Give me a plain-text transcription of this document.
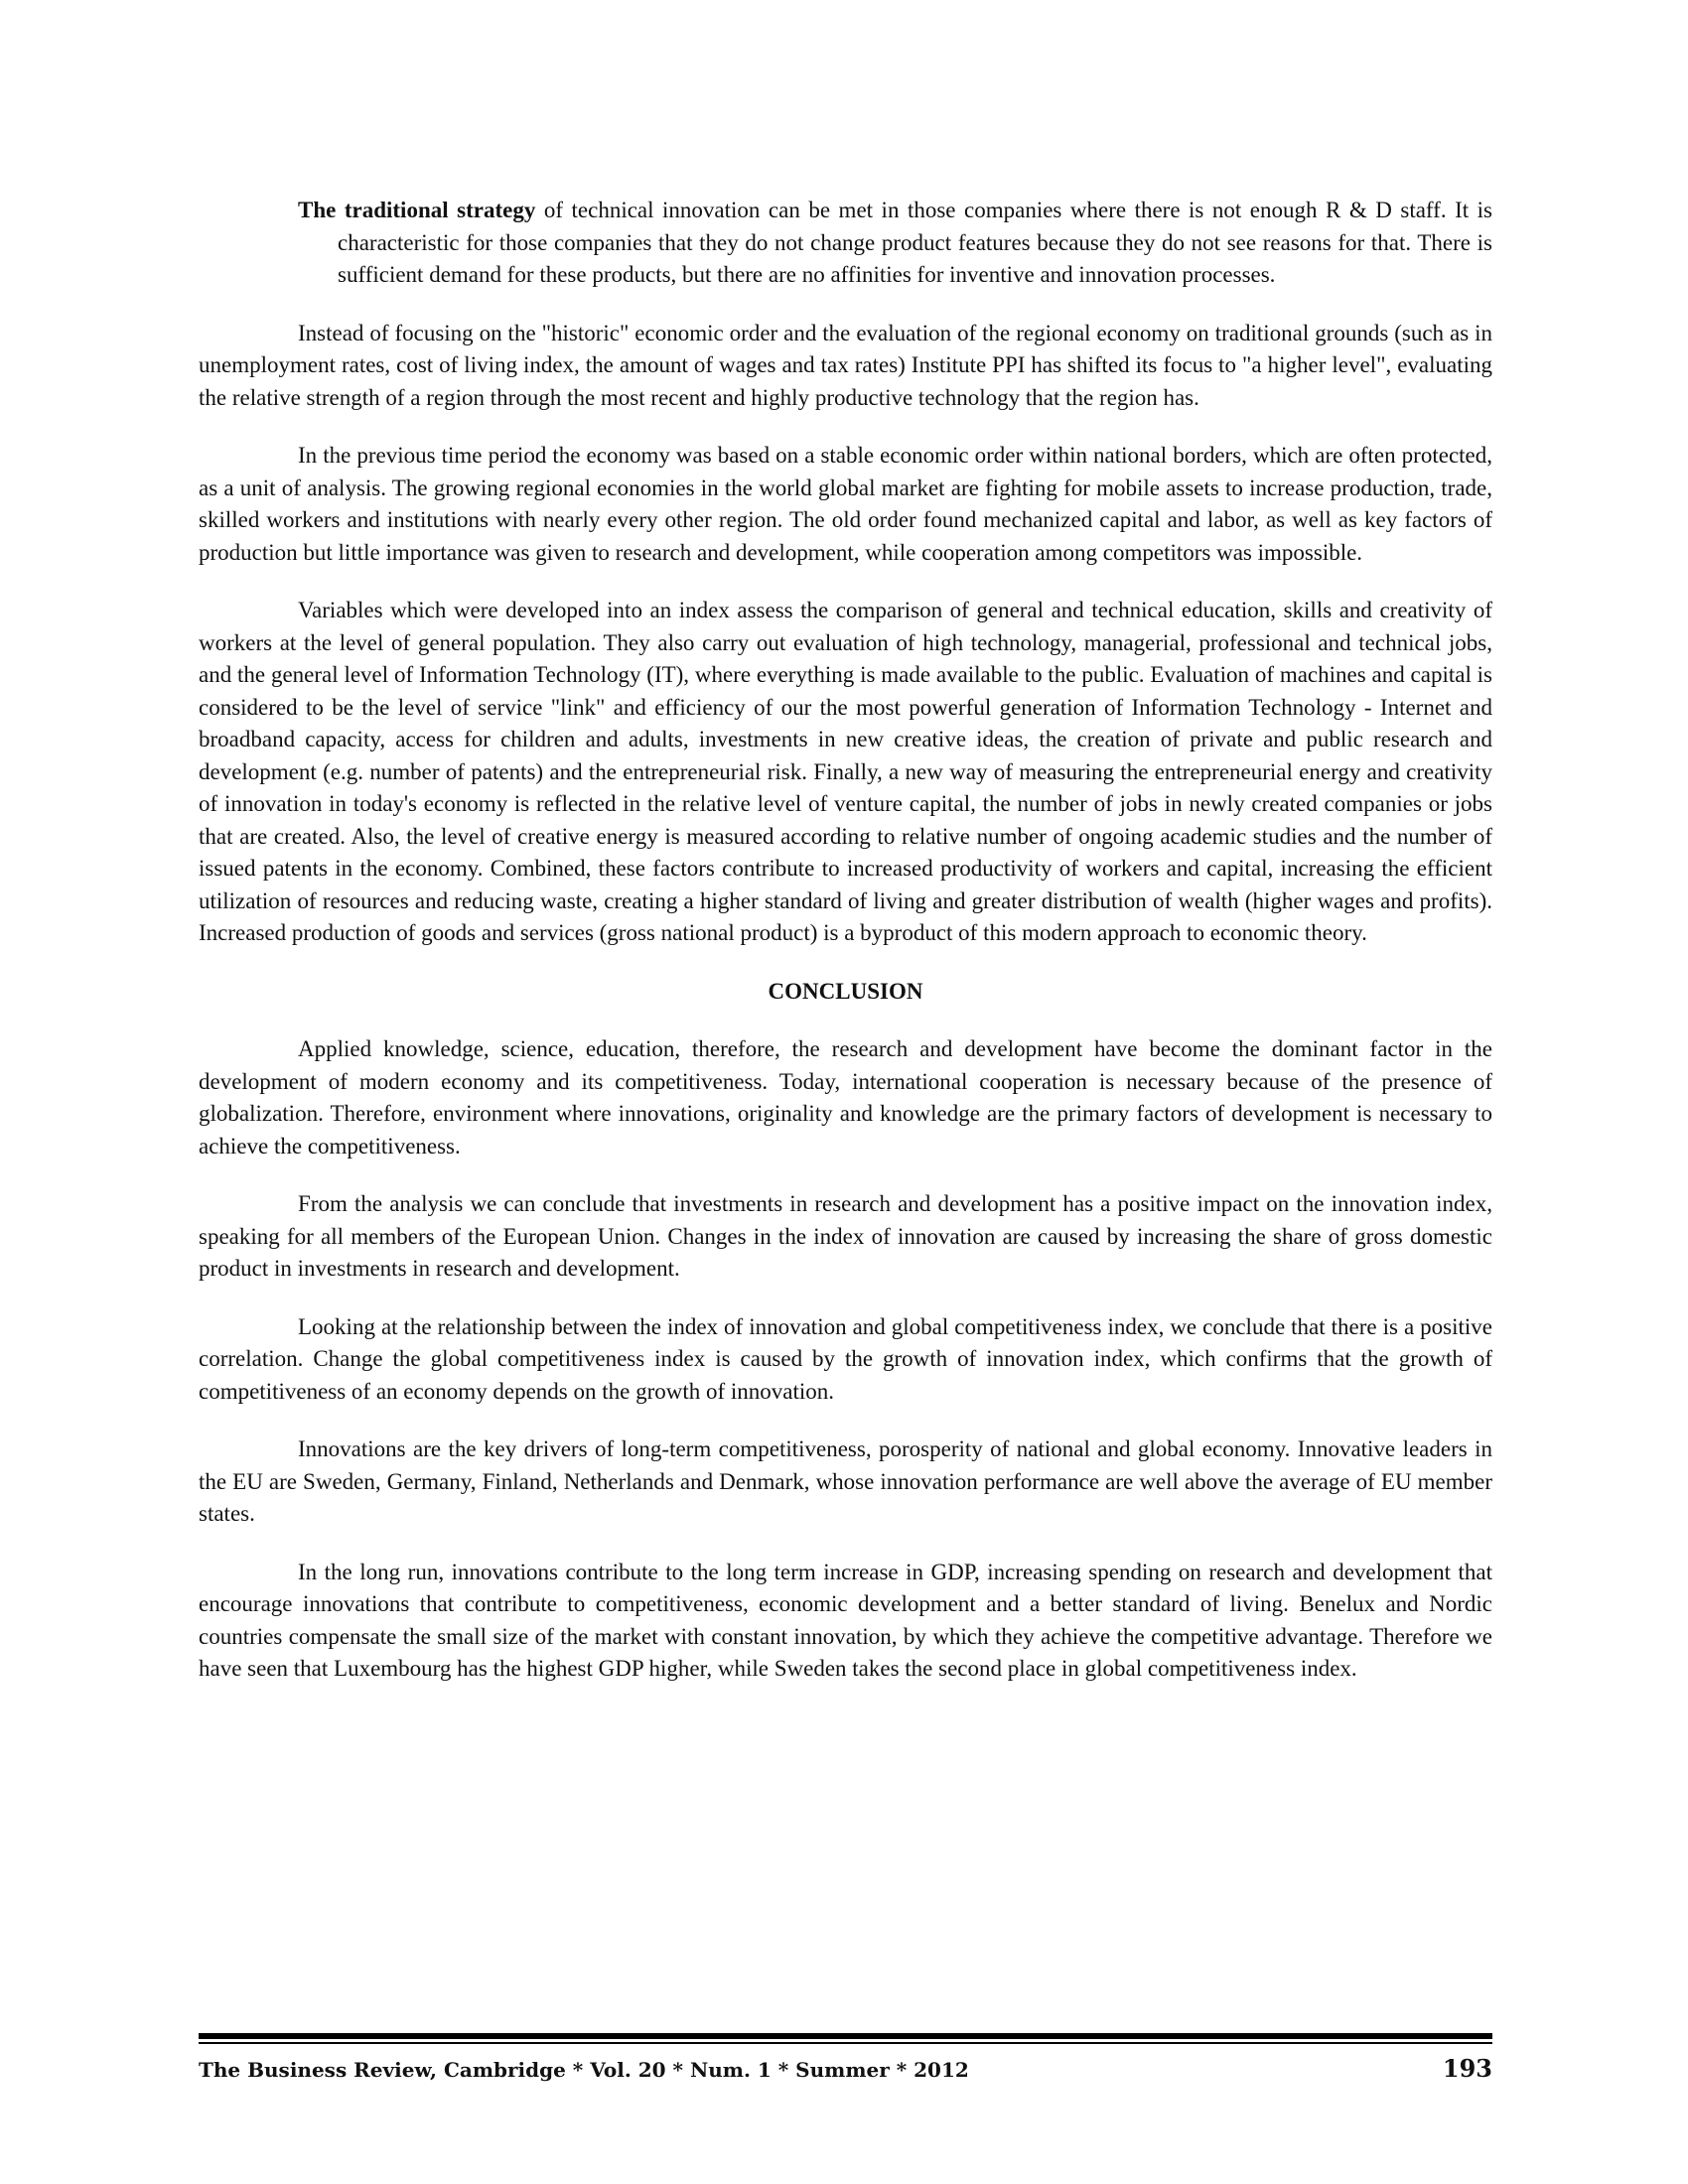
The traditional strategy of technical innovation can be met in those companies where there is not enough R & D staff. It is characteristic for those companies that they do not change product features because they do not see reasons for that. There is sufficient demand for these products, but there are no affinities for inventive and innovation processes.

Instead of focusing on the "historic" economic order and the evaluation of the regional economy on traditional grounds (such as in unemployment rates, cost of living index, the amount of wages and tax rates) Institute PPI has shifted its focus to "a higher level", evaluating the relative strength of a region through the most recent and highly productive technology that the region has.

In the previous time period the economy was based on a stable economic order within national borders, which are often protected, as a unit of analysis. The growing regional economies in the world global market are fighting for mobile assets to increase production, trade, skilled workers and institutions with nearly every other region. The old order found mechanized capital and labor, as well as key factors of production but little importance was given to research and development, while cooperation among competitors was impossible.

Variables which were developed into an index assess the comparison of general and technical education, skills and creativity of workers at the level of general population. They also carry out evaluation of high technology, managerial, professional and technical jobs, and the general level of Information Technology (IT), where everything is made available to the public. Evaluation of machines and capital is considered to be the level of service "link" and efficiency of our the most powerful generation of Information Technology - Internet and broadband capacity, access for children and adults, investments in new creative ideas, the creation of private and public research and development (e.g. number of patents) and the entrepreneurial risk. Finally, a new way of measuring the entrepreneurial energy and creativity of innovation in today's economy is reflected in the relative level of venture capital, the number of jobs in newly created companies or jobs that are created. Also, the level of creative energy is measured according to relative number of ongoing academic studies and the number of issued patents in the economy. Combined, these factors contribute to increased productivity of workers and capital, increasing the efficient utilization of resources and reducing waste, creating a higher standard of living and greater distribution of wealth (higher wages and profits). Increased production of goods and services (gross national product) is a byproduct of this modern approach to economic theory.

CONCLUSION

Applied knowledge, science, education, therefore, the research and development have become the dominant factor in the development of modern economy and its competitiveness. Today, international cooperation is necessary because of the presence of globalization. Therefore, environment where innovations, originality and knowledge are the primary factors of development is necessary to achieve the competitiveness.

From the analysis we can conclude that investments in research and development has a positive impact on the innovation index, speaking for all members of the European Union. Changes in the index of innovation are caused by increasing the share of gross domestic product in investments in research and development.

Looking at the relationship between the index of innovation and global competitiveness index, we conclude that there is a positive correlation. Change the global competitiveness index is caused by the growth of innovation index, which confirms that the growth of competitiveness of an economy depends on the growth of innovation.

Innovations are the key drivers of long-term competitiveness, porosperity of national and global economy. Innovative leaders in the EU are Sweden, Germany, Finland, Netherlands and Denmark, whose innovation performance are well above the average of EU member states.

In the long run, innovations contribute to the long term increase in GDP, increasing spending on research and development that encourage innovations that contribute to competitiveness, economic development and a better standard of living. Benelux and Nordic countries compensate the small size of the market with constant innovation, by which they achieve the competitive advantage. Therefore we have seen that Luxembourg has the highest GDP higher, while Sweden takes the second place in global competitiveness index.

The Business Review, Cambridge * Vol. 20 * Num. 1 * Summer * 2012	193
